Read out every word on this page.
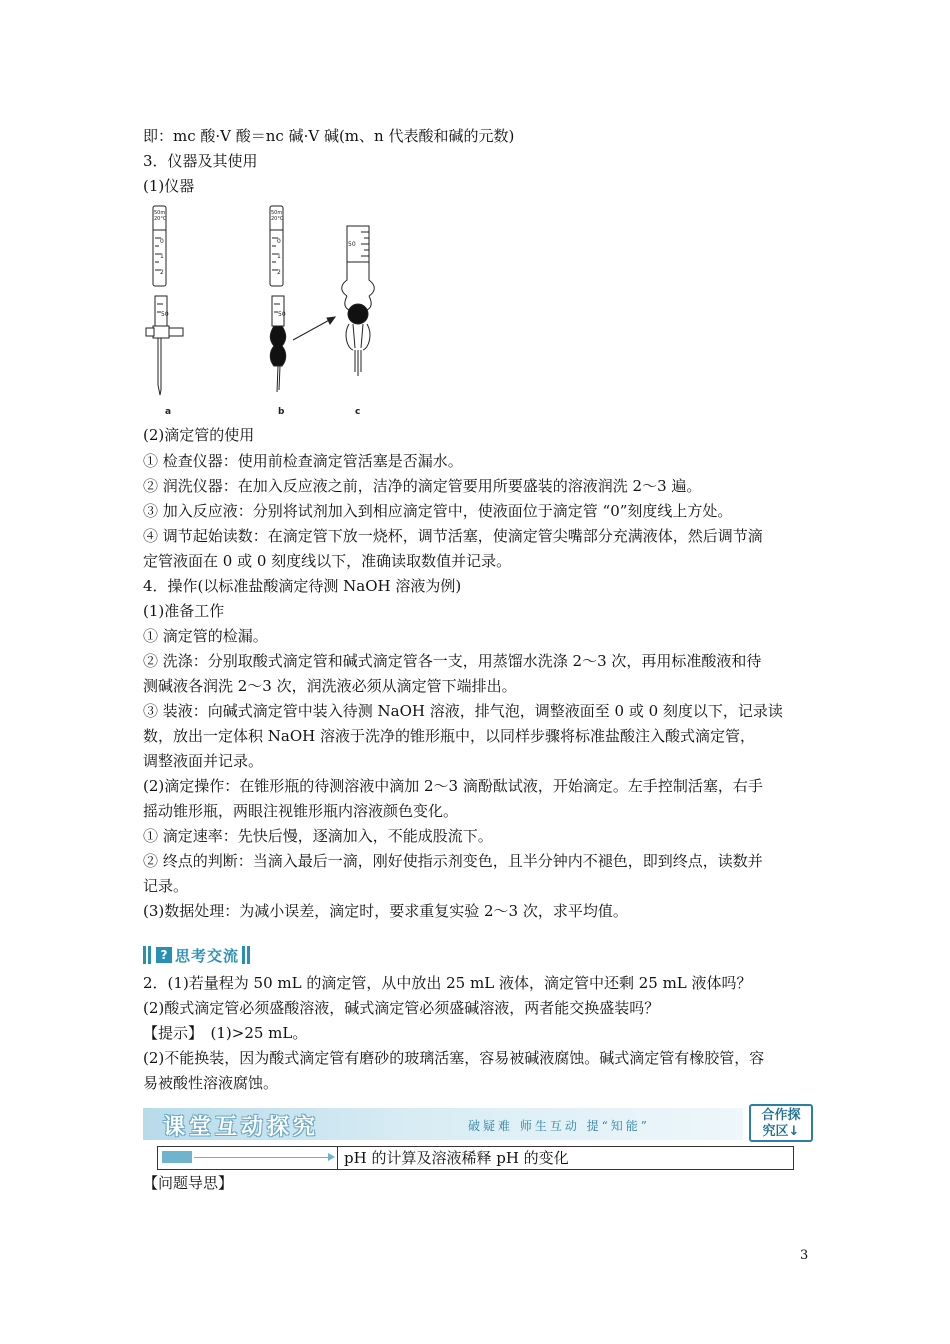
即：mc 酸·V 酸＝nc 碱·V 碱(m、n 代表酸和碱的元数)
3．仪器及其使用
(1)仪器
50ml
20°C
0
1
2
50
50ml
20°C
0
1
2
50
50
a	b	c
(2)滴定管的使用
① 检查仪器：使用前检查滴定管活塞是否漏水。
② 润洗仪器：在加入反应液之前，洁净的滴定管要用所要盛装的溶液润洗 2～3 遍。
③ 加入反应液：分别将试剂加入到相应滴定管中，使液面位于滴定管 “0”刻度线上方处。
④ 调节起始读数：在滴定管下放一烧杯，调节活塞，使滴定管尖嘴部分充满液体，然后调节滴
定管液面在 0 或 0 刻度线以下，准确读取数值并记录。
4．操作(以标准盐酸滴定待测 NaOH 溶液为例)
(1)准备工作
① 滴定管的检漏。
② 洗涤：分别取酸式滴定管和碱式滴定管各一支，用蒸馏水洗涤 2～3 次，再用标准酸液和待
测碱液各润洗 2～3 次，润洗液必须从滴定管下端排出。
③ 装液：向碱式滴定管中装入待测 NaOH 溶液，排气泡，调整液面至 0 或 0 刻度以下，记录读
数，放出一定体积 NaOH 溶液于洗净的锥形瓶中，以同样步骤将标准盐酸注入酸式滴定管，
调整液面并记录。
(2)滴定操作：在锥形瓶的待测溶液中滴加 2～3 滴酚酞试液，开始滴定。左手控制活塞，右手
摇动锥形瓶，两眼注视锥形瓶内溶液颜色变化。
① 滴定速率：先快后慢，逐滴加入，不能成股流下。
② 终点的判断：当滴入最后一滴，刚好使指示剂变色，且半分钟内不褪色，即到终点，读数并
记录。
(3)数据处理：为减小误差，滴定时，要求重复实验 2～3 次，求平均值。
? 思考交流
2．(1)若量程为 50 mL 的滴定管，从中放出 25 mL 液体，滴定管中还剩 25 mL 液体吗？
(2)酸式滴定管必须盛酸溶液，碱式滴定管必须盛碱溶液，两者能交换盛装吗？
【提示】　(1)>25 mL。
(2)不能换装，因为酸式滴定管有磨砂的玻璃活塞，容易被碱液腐蚀。碱式滴定管有橡胶管，容
易被酸性溶液腐蚀。
课堂互动探究	破疑难 师生互动 提“知能”
合作探
究区↓
pH 的计算及溶液稀释 pH 的变化
【问题导思】
3
